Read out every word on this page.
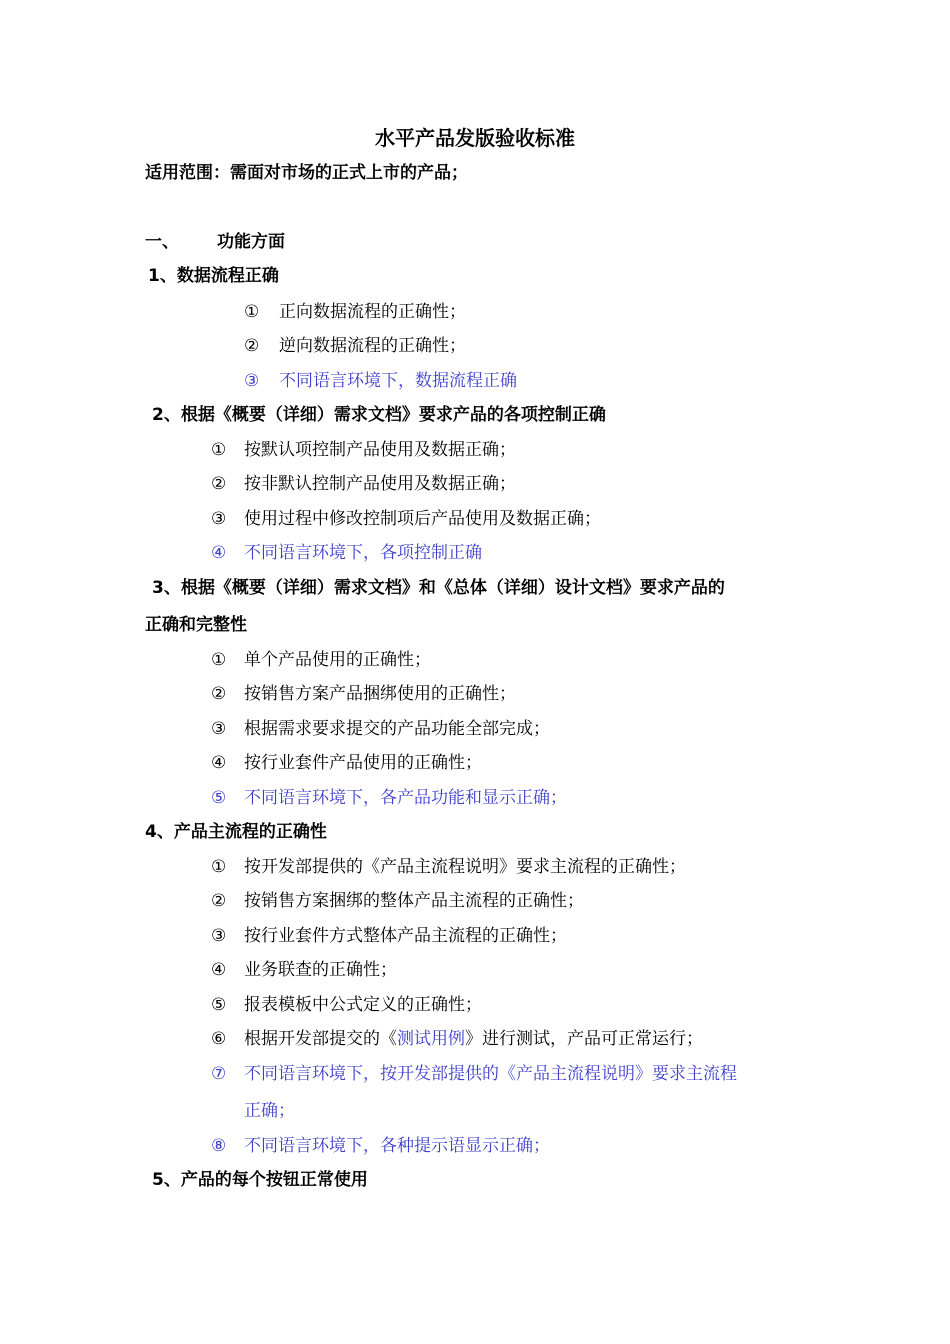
水平产品发版验收标准
适用范围：需面对市场的正式上市的产品；
一、 功能方面
1、数据流程正确
① 正向数据流程的正确性；
② 逆向数据流程的正确性；
③ 不同语言环境下，数据流程正确
2、根据《概要（详细）需求文档》要求产品的各项控制正确
① 按默认项控制产品使用及数据正确；
② 按非默认控制产品使用及数据正确；
③ 使用过程中修改控制项后产品使用及数据正确；
④ 不同语言环境下，各项控制正确
3、根据《概要（详细）需求文档》和《总体（详细）设计文档》要求产品的
正确和完整性
① 单个产品使用的正确性；
② 按销售方案产品捆绑使用的正确性；
③ 根据需求要求提交的产品功能全部完成；
④ 按行业套件产品使用的正确性；
⑤ 不同语言环境下，各产品功能和显示正确；
4、产品主流程的正确性
① 按开发部提供的《产品主流程说明》要求主流程的正确性；
② 按销售方案捆绑的整体产品主流程的正确性；
③ 按行业套件方式整体产品主流程的正确性；
④ 业务联查的正确性；
⑤ 报表模板中公式定义的正确性；
⑥ 根据开发部提交的《测试用例》进行测试，产品可正常运行；
⑦ 不同语言环境下，按开发部提供的《产品主流程说明》要求主流程
正确；
⑧ 不同语言环境下，各种提示语显示正确；
5、产品的每个按钮正常使用
